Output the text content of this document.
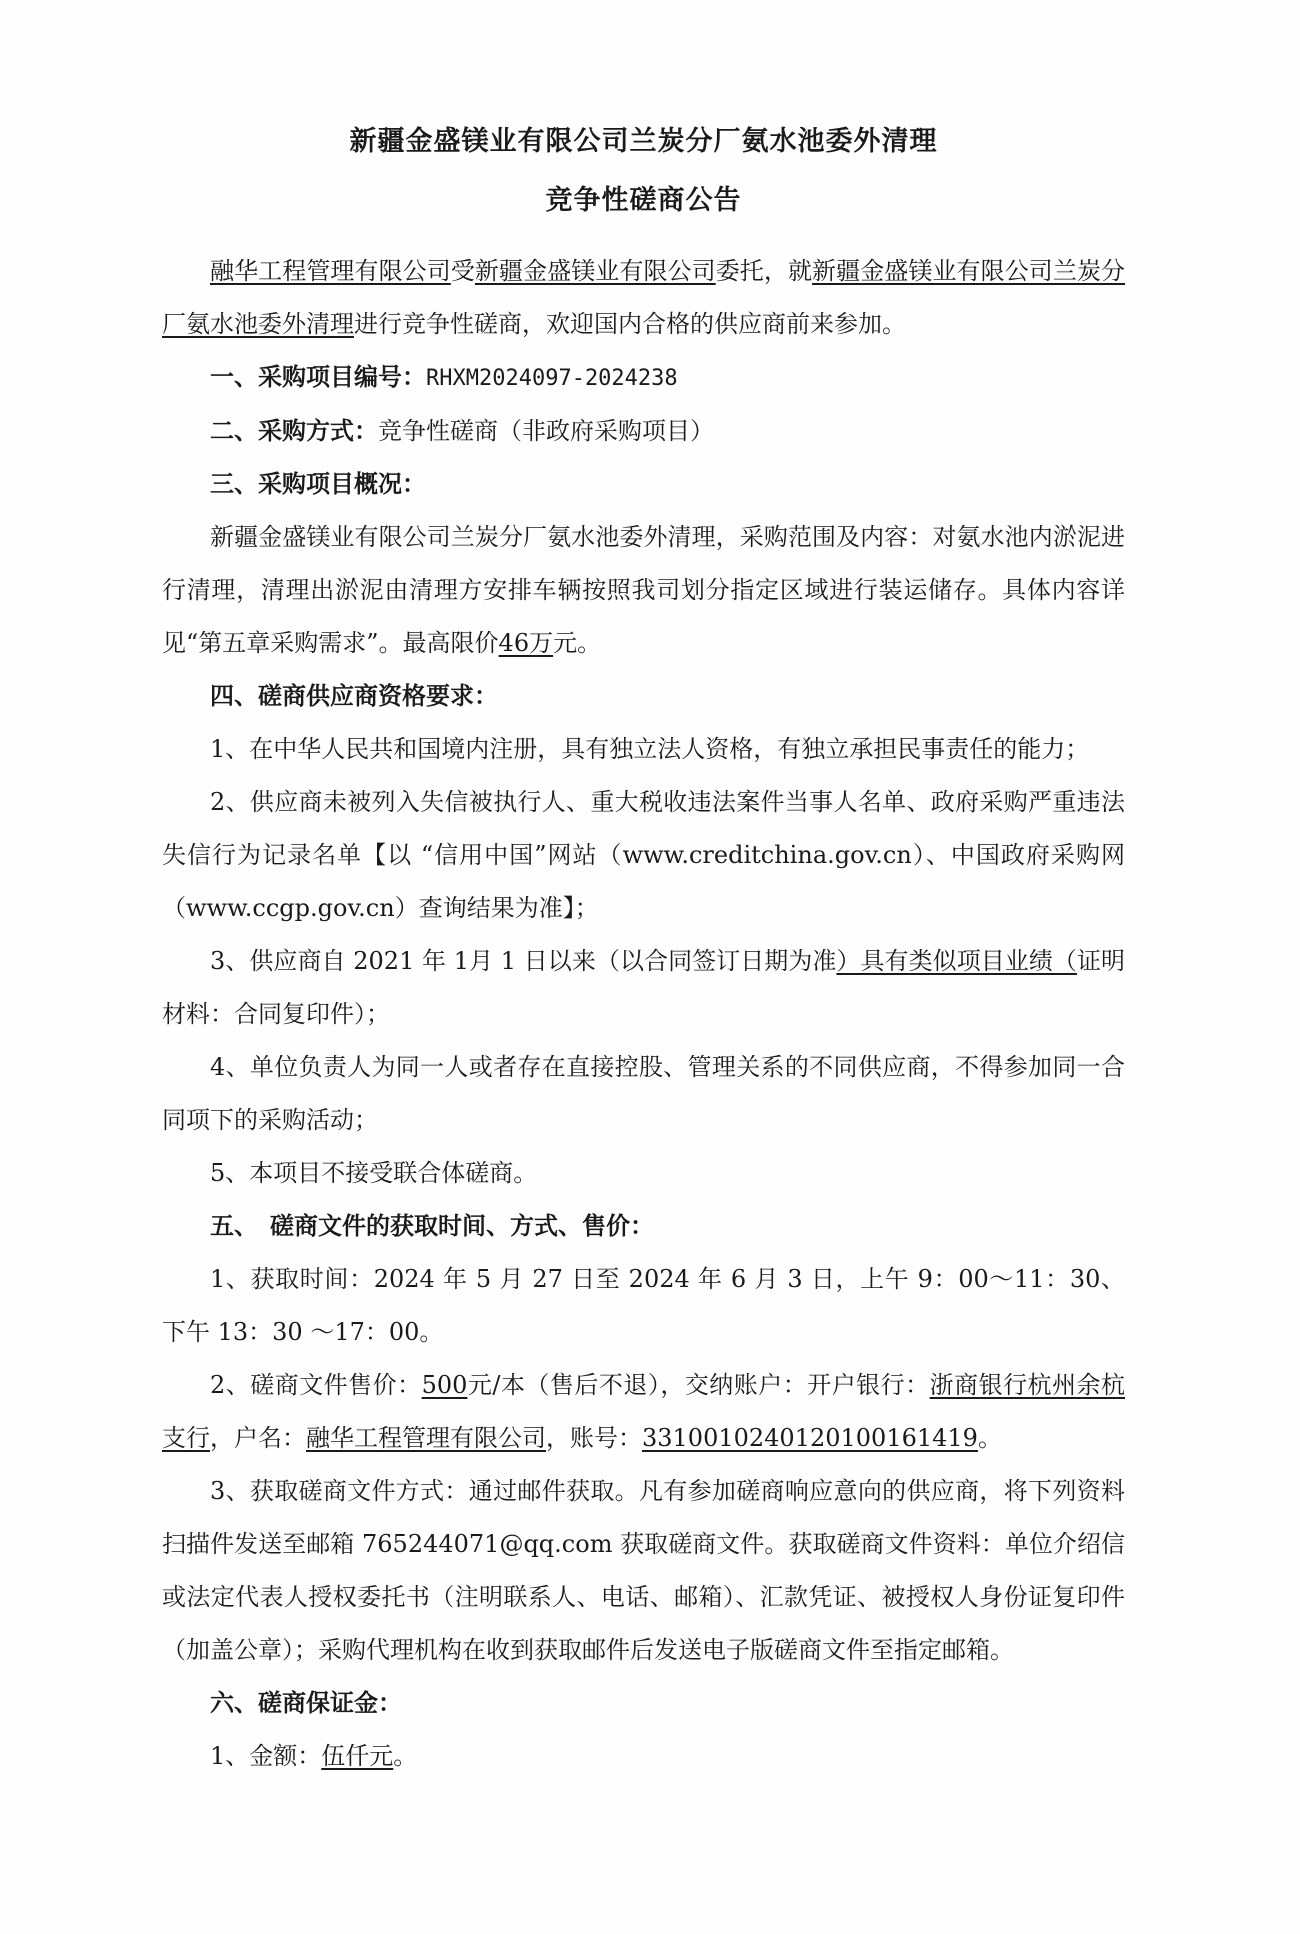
新疆金盛镁业有限公司兰炭分厂氨水池委外清理

竞争性磋商公告

融华工程管理有限公司受新疆金盛镁业有限公司委托，就新疆金盛镁业有限公司兰炭分厂氨水池委外清理进行竞争性磋商，欢迎国内合格的供应商前来参加。

一、采购项目编号：RHXM2024097-2024238

二、采购方式：竞争性磋商（非政府采购项目）

三、采购项目概况：

新疆金盛镁业有限公司兰炭分厂氨水池委外清理，采购范围及内容：对氨水池内淤泥进行清理，清理出淤泥由清理方安排车辆按照我司划分指定区域进行装运储存。具体内容详见“第五章采购需求”。最高限价46万元。

四、磋商供应商资格要求：

1、在中华人民共和国境内注册，具有独立法人资格，有独立承担民事责任的能力；

2、供应商未被列入失信被执行人、重大税收违法案件当事人名单、政府采购严重违法失信行为记录名单【以 “信用中国”网站（www.creditchina.gov.cn）、中国政府采购网（www.ccgp.gov.cn）查询结果为准】；

3、供应商自 2021 年 1月 1 日以来（以合同签订日期为准）具有类似项目业绩（证明材料：合同复印件）；

4、单位负责人为同一人或者存在直接控股、管理关系的不同供应商，不得参加同一合同项下的采购活动；

5、本项目不接受联合体磋商。

五、　磋商文件的获取时间、方式、售价：

1、获取时间：2024 年 5 月 27 日至 2024 年 6 月 3 日，上午 9：00～11：30、下午 13：30 ～17：00。

2、磋商文件售价：500元/本（售后不退），交纳账户：开户银行：浙商银行杭州余杭支行，户名：融华工程管理有限公司，账号：3310010240120100161419。

3、获取磋商文件方式：通过邮件获取。凡有参加磋商响应意向的供应商，将下列资料扫描件发送至邮箱 765244071@qq.com 获取磋商文件。获取磋商文件资料：单位介绍信或法定代表人授权委托书（注明联系人、电话、邮箱）、汇款凭证、被授权人身份证复印件（加盖公章）；采购代理机构在收到获取邮件后发送电子版磋商文件至指定邮箱。

六、磋商保证金：

1、金额：伍仟元。
